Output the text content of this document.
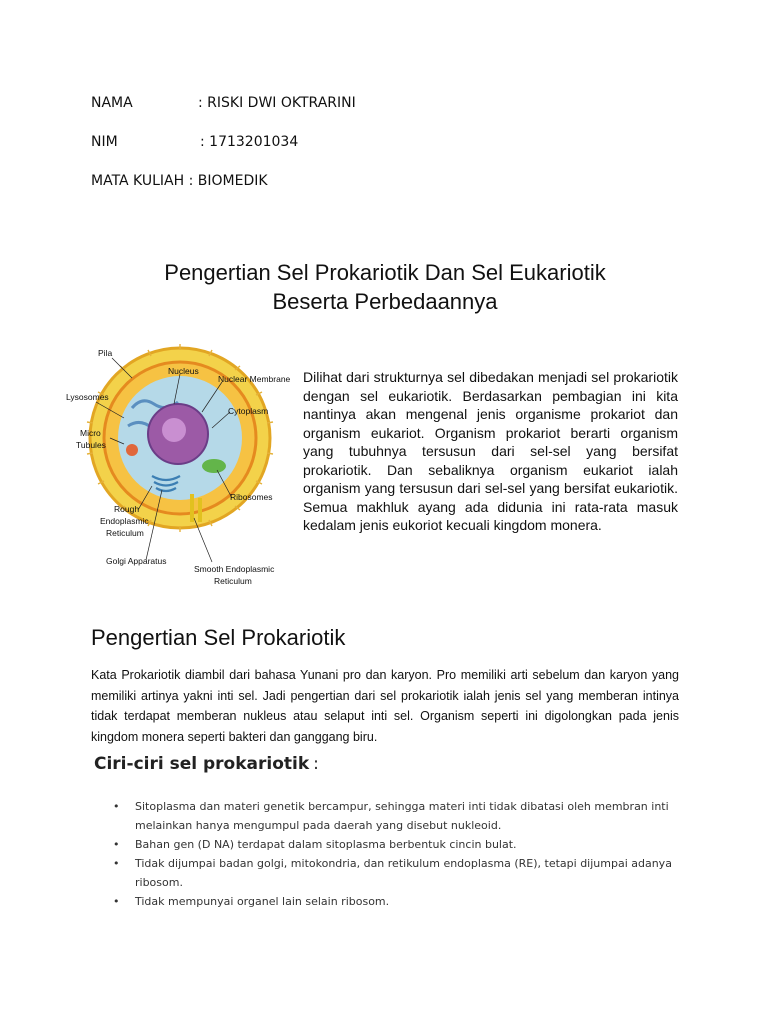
NAMA	: RISKI DWI OKTRARINI
NIM	: 1713201034
MATA KULIAH : BIOMEDIK
Pengertian Sel Prokariotik Dan Sel Eukariotik
Beserta Perbedaannya
Pila
Nucleus
Nuclear Membrane
Lysosomes
Cytoplasm
Micro
Tubules
Ribosomes
Rough
Endoplasmic
Reticulum
Golgi Apparatus
Smooth Endoplasmic
Reticulum
Dilihat dari strukturnya sel dibedakan menjadi sel prokariotik dengan sel eukariotik. Berdasarkan pembagian ini kita nantinya akan mengenal jenis organisme prokariot dan organism eukariot. Organism prokariot berarti organism yang tubuhnya tersusun dari sel-sel yang bersifat prokariotik. Dan sebaliknya organism eukariot ialah organism yang tersusun dari sel-sel yang bersifat eukariotik. Semua makhluk ayang ada didunia ini rata-rata masuk kedalam jenis eukoriot kecuali kingdom monera.
Pengertian Sel Prokariotik
Kata Prokariotik diambil dari bahasa Yunani pro dan karyon. Pro memiliki arti sebelum dan karyon yang memiliki artinya yakni inti sel. Jadi pengertian dari sel prokariotik ialah jenis sel yang memberan intinya tidak terdapat memberan nukleus atau selaput inti sel. Organism seperti ini digolongkan pada jenis kingdom monera seperti bakteri dan ganggang biru.
Ciri-ciri sel prokariotik :
• Sitoplasma dan materi genetik bercampur, sehingga materi inti tidak dibatasi oleh membran inti melainkan hanya mengumpul pada daerah yang disebut nukleoid.
• Bahan gen (D NA) terdapat dalam sitoplasma berbentuk cincin bulat.
• Tidak dijumpai badan golgi, mitokondria, dan retikulum endoplasma (RE), tetapi dijumpai adanya ribosom.
• Tidak mempunyai organel lain selain ribosom.
